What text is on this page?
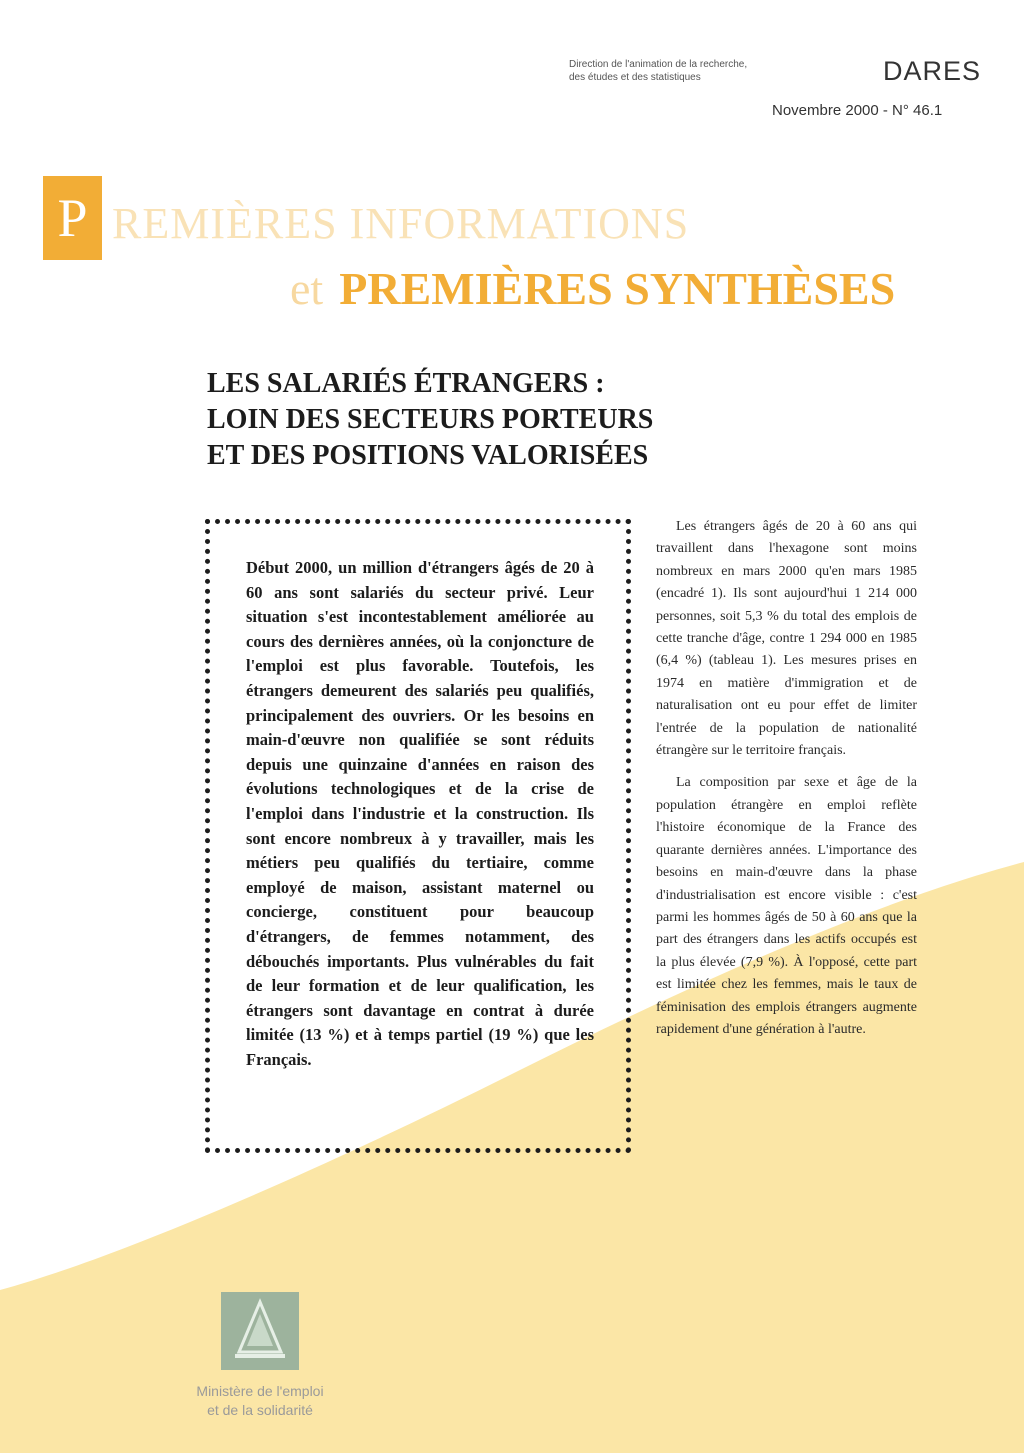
Direction de l'animation de la recherche,
des études et des statistiques	DARES
Novembre 2000 - N° 46.1
P REMIÈRES INFORMATIONS
et PREMIÈRES SYNTHÈSES
LES SALARIÉS ÉTRANGERS :
LOIN DES SECTEURS PORTEURS
ET DES POSITIONS VALORISÉES
Début 2000, un million d'étrangers âgés de 20 à 60 ans sont salariés du secteur privé. Leur situation s'est incontestablement améliorée au cours des dernières années, où la conjoncture de l'emploi est plus favorable. Toutefois, les étrangers demeurent des salariés peu qualifiés, principalement des ouvriers. Or les besoins en main-d'œuvre non qualifiée se sont réduits depuis une quinzaine d'années en raison des évolutions technologiques et de la crise de l'emploi dans l'industrie et la construction. Ils sont encore nombreux à y travailler, mais les métiers peu qualifiés du tertiaire, comme employé de maison, assistant maternel ou concierge, constituent pour beaucoup d'étrangers, de femmes notamment, des débouchés importants. Plus vulnérables du fait de leur formation et de leur qualification, les étrangers sont davantage en contrat à durée limitée (13 %) et à temps partiel (19 %) que les Français.

Les étrangers âgés de 20 à 60 ans qui travaillent dans l'hexagone sont moins nombreux en mars 2000 qu'en mars 1985 (encadré 1). Ils sont aujourd'hui 1 214 000 personnes, soit 5,3 % du total des emplois de cette tranche d'âge, contre 1 294 000 en 1985 (6,4 %) (tableau 1). Les mesures prises en 1974 en matière d'immigration et de naturalisation ont eu pour effet de limiter l'entrée de la population de nationalité étrangère sur le territoire français.

La composition par sexe et âge de la population étrangère en emploi reflète l'histoire économique de la France des quarante dernières années. L'importance des besoins en main-d'œuvre dans la phase d'industrialisation est encore visible : c'est parmi les hommes âgés de 50 à 60 ans que la part des étrangers dans les actifs occupés est la plus élevée (7,9 %). À l'opposé, cette part est limitée chez les femmes, mais le taux de féminisation des emplois étrangers augmente rapidement d'une génération à l'autre.

Ministère de l'emploi
et de la solidarité
